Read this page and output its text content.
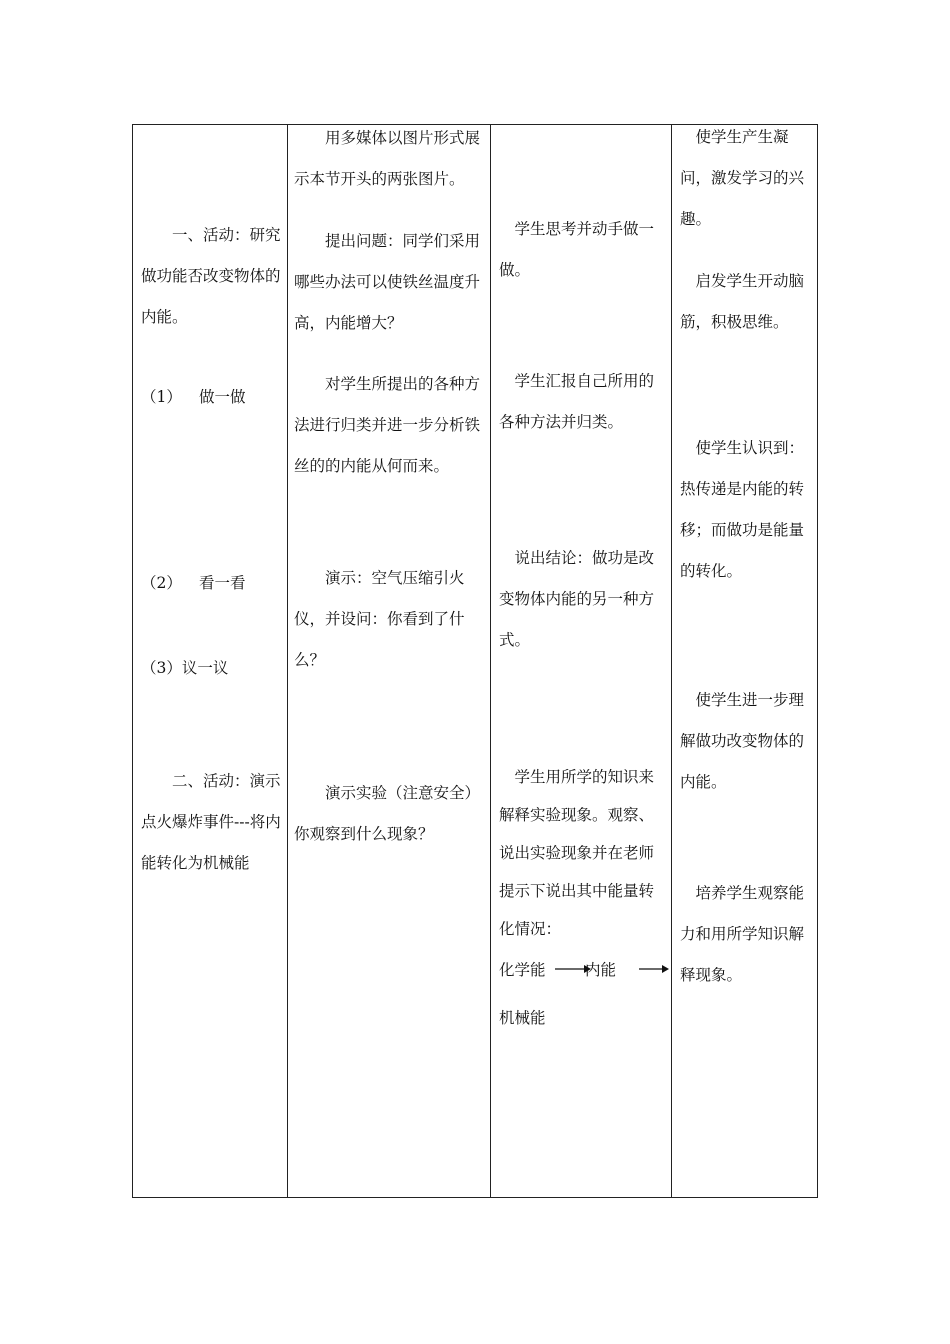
一、活动：研究做功能否改变物体的内能。

（1） 做一做
（2） 看一看
（3）议一议

二、活动：演示点火爆炸事件---将内能转化为机械能

用多媒体以图片形式展示本节开头的两张图片。

提出问题：同学们采用哪些办法可以使铁丝温度升高，内能增大？

对学生所提出的各种方法进行归类并进一步分析铁丝的的内能从何而来。

演示：空气压缩引火仪，并设问：你看到了什么？

演示实验（注意安全）你观察到什么现象？

学生思考并动手做一做。

学生汇报自己所用的各种方法并归类。

说出结论：做功是改变物体内能的另一种方式。

学生用所学的知识来解释实验现象。观察、说出实验现象并在老师提示下说出其中能量转化情况：

化学能	内能
机械能

使学生产生凝问，激发学习的兴趣。

启发学生开动脑筋，积极思维。

使学生认识到：热传递是内能的转移；而做功是能量的转化。

使学生进一步理解做功改变物体的内能。

培养学生观察能力和用所学知识解释现象。
